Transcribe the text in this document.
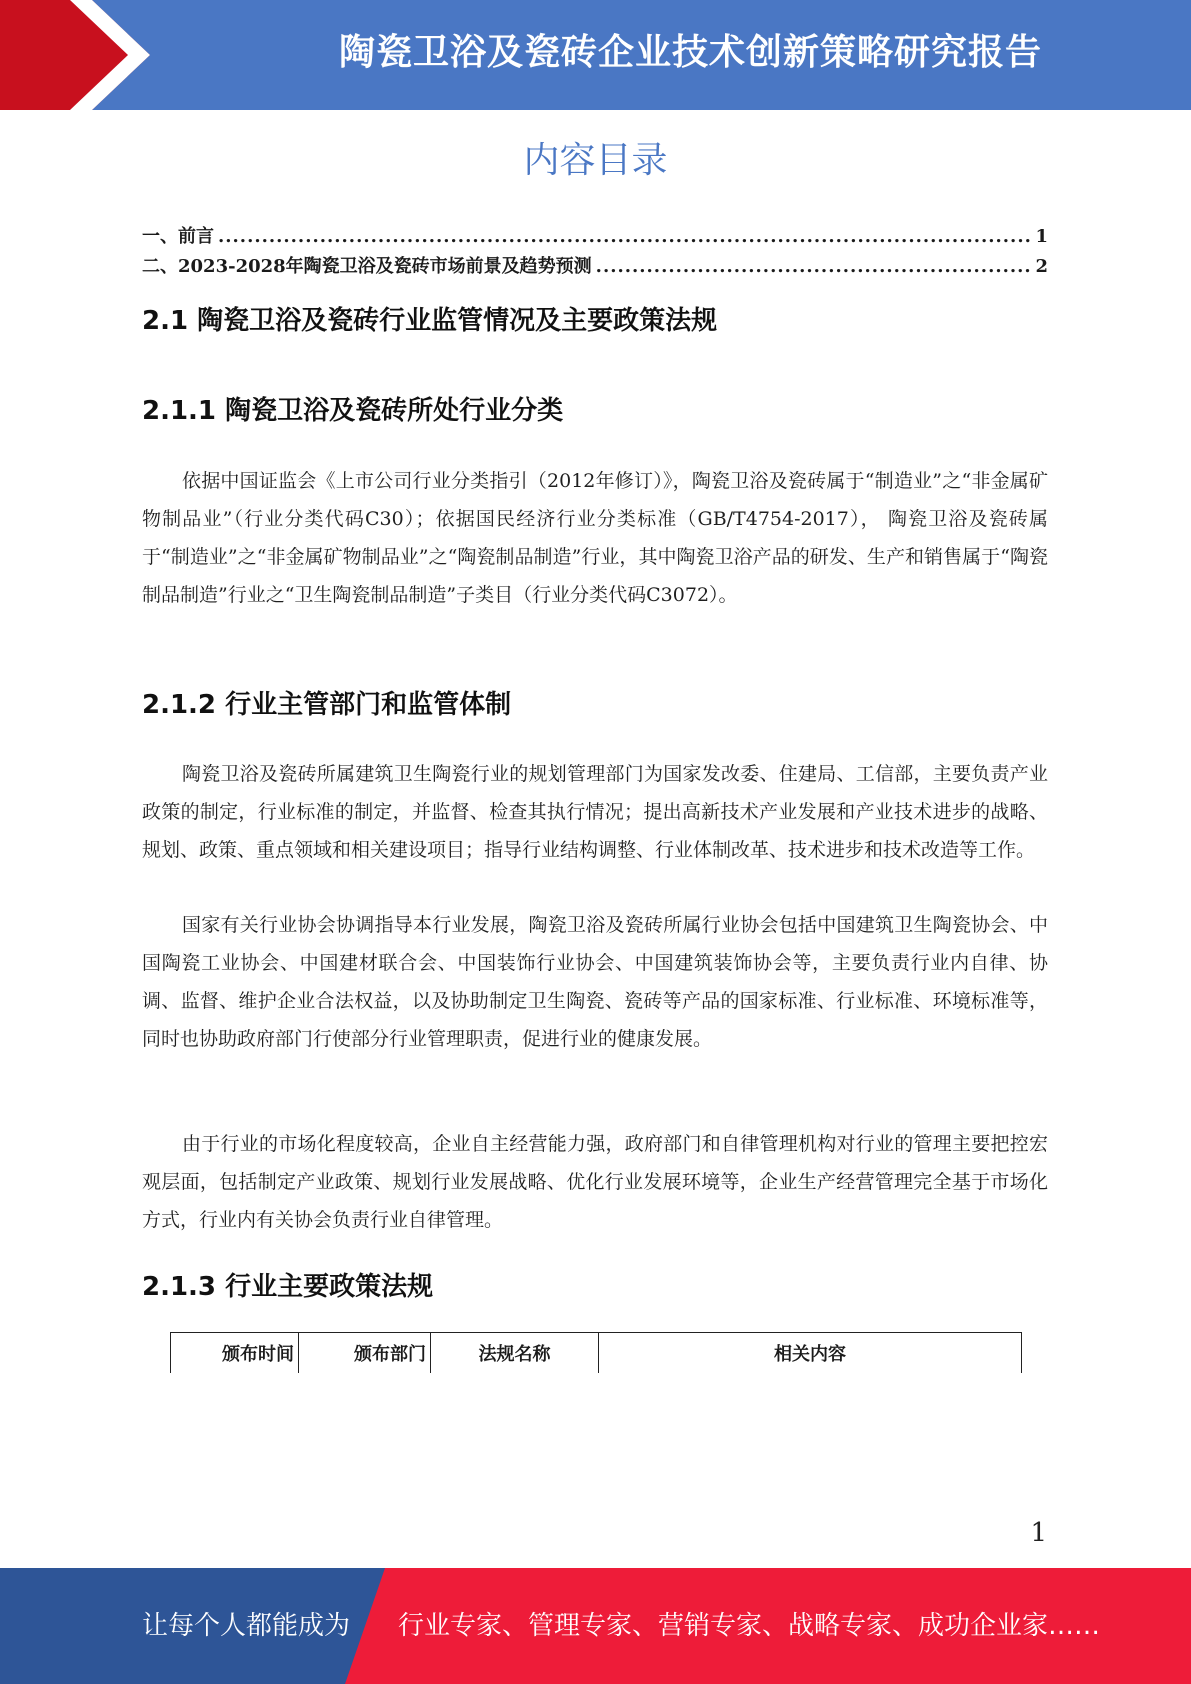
陶瓷卫浴及瓷砖企业技术创新策略研究报告
内容目录
一、前言 .....	1
二、2023-2028年陶瓷卫浴及瓷砖市场前景及趋势预测 .....	2
2.1 陶瓷卫浴及瓷砖行业监管情况及主要政策法规
2.1.1 陶瓷卫浴及瓷砖所处行业分类

依据中国证监会《上市公司行业分类指引（2012年修订）》，陶瓷卫浴及瓷砖属于“制造业”之“非金属矿物制品业”（行业分类代码C30）；依据国民经济行业分类标准（GB/T4754-2017）， 陶瓷卫浴及瓷砖属于“制造业”之“非金属矿物制品业”之“陶瓷制品制造”行业，其中陶瓷卫浴产品的研发、生产和销售属于“陶瓷制品制造”行业之“卫生陶瓷制品制造”子类目（行业分类代码C3072）。

2.1.2 行业主管部门和监管体制

陶瓷卫浴及瓷砖所属建筑卫生陶瓷行业的规划管理部门为国家发改委、住建局、工信部，主要负责产业政策的制定，行业标准的制定，并监督、检查其执行情况；提出高新技术产业发展和产业技术进步的战略、规划、政策、重点领域和相关建设项目；指导行业结构调整、行业体制改革、技术进步和技术改造等工作。

国家有关行业协会协调指导本行业发展，陶瓷卫浴及瓷砖所属行业协会包括中国建筑卫生陶瓷协会、中国陶瓷工业协会、中国建材联合会、中国装饰行业协会、中国建筑装饰协会等，主要负责行业内自律、协调、监督、维护企业合法权益，以及协助制定卫生陶瓷、瓷砖等产品的国家标准、行业标准、环境标准等，同时也协助政府部门行使部分行业管理职责，促进行业的健康发展。

由于行业的市场化程度较高，企业自主经营能力强，政府部门和自律管理机构对行业的管理主要把控宏观层面，包括制定产业政策、规划行业发展战略、优化行业发展环境等，企业生产经营管理完全基于市场化方式，行业内有关协会负责行业自律管理。

2.1.3 行业主要政策法规
颁布时间	颁布部门	法规名称	相关内容
1
让每个人都能成为 行业专家、管理专家、营销专家、战略专家、成功企业家……
